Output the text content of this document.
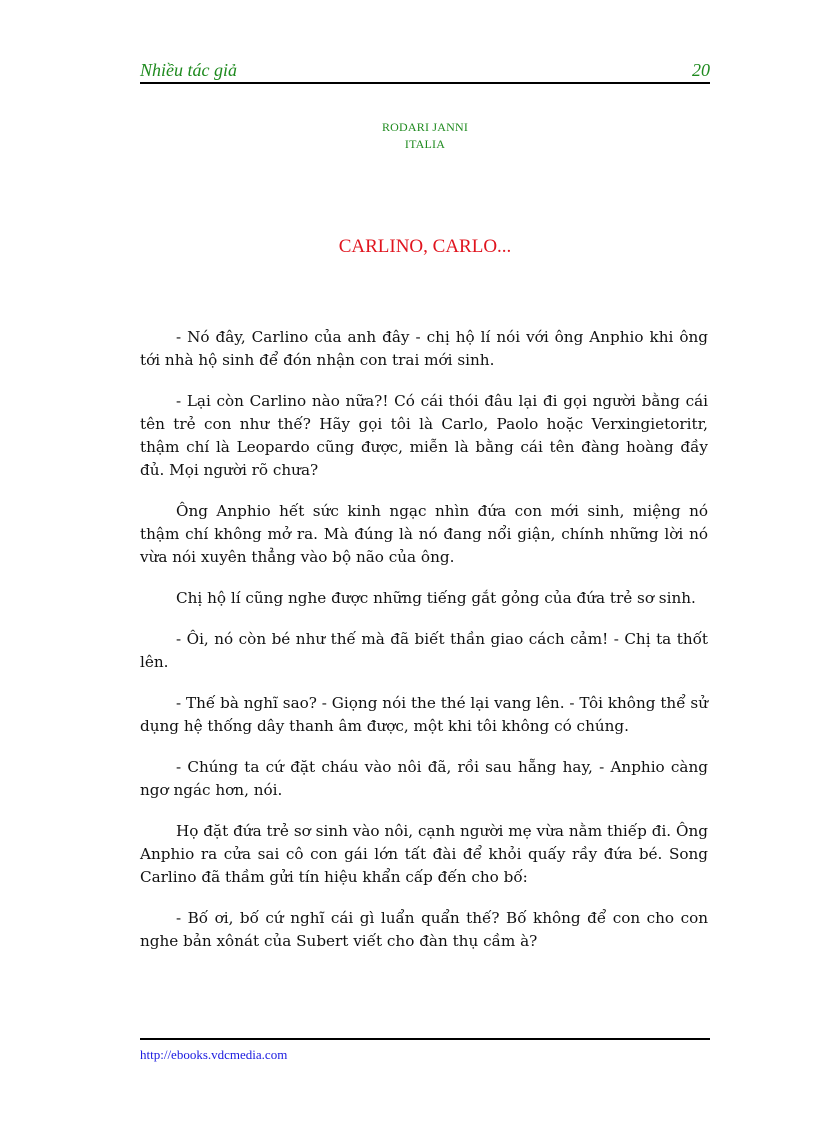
Nhiều tác giả	20
RODARI JANNI
ITALIA
CARLINO, CARLO...

- Nó đây, Carlino của anh đây - chị hộ lí nói với ông Anphio khi ông tới nhà hộ sinh để đón nhận con trai mới sinh.

- Lại còn Carlino nào nữa?! Có cái thói đâu lại đi gọi người bằng cái tên trẻ con như thế? Hãy gọi tôi là Carlo, Paolo hoặc Verxingietoritr, thậm chí là Leopardo cũng được, miễn là bằng cái tên đàng hoàng đầy đủ. Mọi người rõ chưa?

Ông Anphio hết sức kinh ngạc nhìn đứa con mới sinh, miệng nó thậm chí không mở ra. Mà đúng là nó đang nổi giận, chính những lời nó vừa nói xuyên thẳng vào bộ não của ông.

Chị hộ lí cũng nghe được những tiếng gắt gỏng của đứa trẻ sơ sinh.

- Ôi, nó còn bé như thế mà đã biết thần giao cách cảm! - Chị ta thốt lên.

- Thế bà nghĩ sao? - Giọng nói the thé lại vang lên. - Tôi không thể sử dụng hệ thống dây thanh âm được, một khi tôi không có chúng.

- Chúng ta cứ đặt cháu vào nôi đã, rồi sau hẵng hay, - Anphio càng ngơ ngác hơn, nói.

Họ đặt đứa trẻ sơ sinh vào nôi, cạnh người mẹ vừa nằm thiếp đi. Ông Anphio ra cửa sai cô con gái lớn tất đài để khỏi quấy rầy đứa bé. Song Carlino đã thầm gửi tín hiệu khẩn cấp đến cho bố:

- Bố ơi, bố cứ nghĩ cái gì luẩn quẩn thế? Bố không để con cho con nghe bản xônát của Subert viết cho đàn thụ cầm à?

http://ebooks.vdcmedia.com
